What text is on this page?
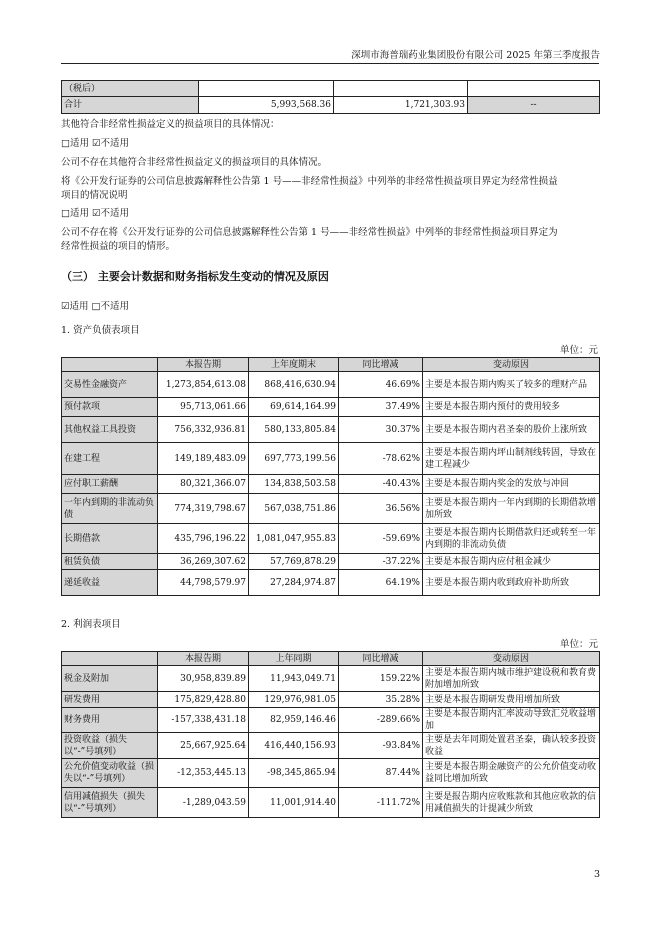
深圳市海普瑞药业集团股份有限公司 2025 年第三季度报告
（税后）			
合计	5,993,568.36	1,721,303.93	--
其他符合非经常性损益定义的损益项目的具体情况：
□适用 ☑不适用
公司不存在其他符合非经常性损益定义的损益项目的具体情况。
将《公开发行证券的公司信息披露解释性公告第 1 号——非经常性损益》中列举的非经常性损益项目界定为经常性损益
项目的情况说明
□适用 ☑不适用
公司不存在将《公开发行证券的公司信息披露解释性公告第 1 号——非经常性损益》中列举的非经常性损益项目界定为
经常性损益的项目的情形。
（三） 主要会计数据和财务指标发生变动的情况及原因
☑适用 □不适用
1. 资产负债表项目
单位：元
	本报告期	上年度期末	同比增减	变动原因
交易性金融资产	1,273,854,613.08	868,416,630.94	46.69%	主要是本报告期内购买了较多的理财产品
预付款项	95,713,061.66	69,614,164.99	37.49%	主要是本报告期内预付的费用较多
其他权益工具投资	756,332,936.81	580,133,805.84	30.37%	主要是本报告期内君圣泰的股价上涨所致
在建工程	149,189,483.09	697,773,199.56	-78.62%	主要是本报告期内坪山制剂线转固，导致在建工程减少
应付职工薪酬	80,321,366.07	134,838,503.58	-40.43%	主要是本报告期内奖金的发放与冲回
一年内到期的非流动负债	774,319,798.67	567,038,751.86	36.56%	主要是本报告期内一年内到期的长期借款增加所致
长期借款	435,796,196.22	1,081,047,955.83	-59.69%	主要是本报告期内长期借款归还或转至一年内到期的非流动负债
租赁负债	36,269,307.62	57,769,878.29	-37.22%	主要是本报告期内应付租金减少
递延收益	44,798,579.97	27,284,974.87	64.19%	主要是本报告期内收到政府补助所致
2. 利润表项目
单位：元
	本报告期	上年同期	同比增减	变动原因
税金及附加	30,958,839.89	11,943,049.71	159.22%	主要是本报告期内城市维护建设税和教育费附加增加所致
研发费用	175,829,428.80	129,976,981.05	35.28%	主要是本报告期研发费用增加所致
财务费用	-157,338,431.18	82,959,146.46	-289.66%	主要是本报告期内汇率波动导致汇兑收益增加
投资收益（损失以“-”号填列）	25,667,925.64	416,440,156.93	-93.84%	主要是去年同期处置君圣泰，确认较多投资收益
公允价值变动收益（损失以“-”号填列）	-12,353,445.13	-98,345,865.94	87.44%	主要是本报告期金融资产的公允价值变动收益同比增加所致
信用减值损失（损失以“-”号填列）	-1,289,043.59	11,001,914.40	-111.72%	主要是报告期内应收账款和其他应收款的信用减值损失的计提减少所致
3
